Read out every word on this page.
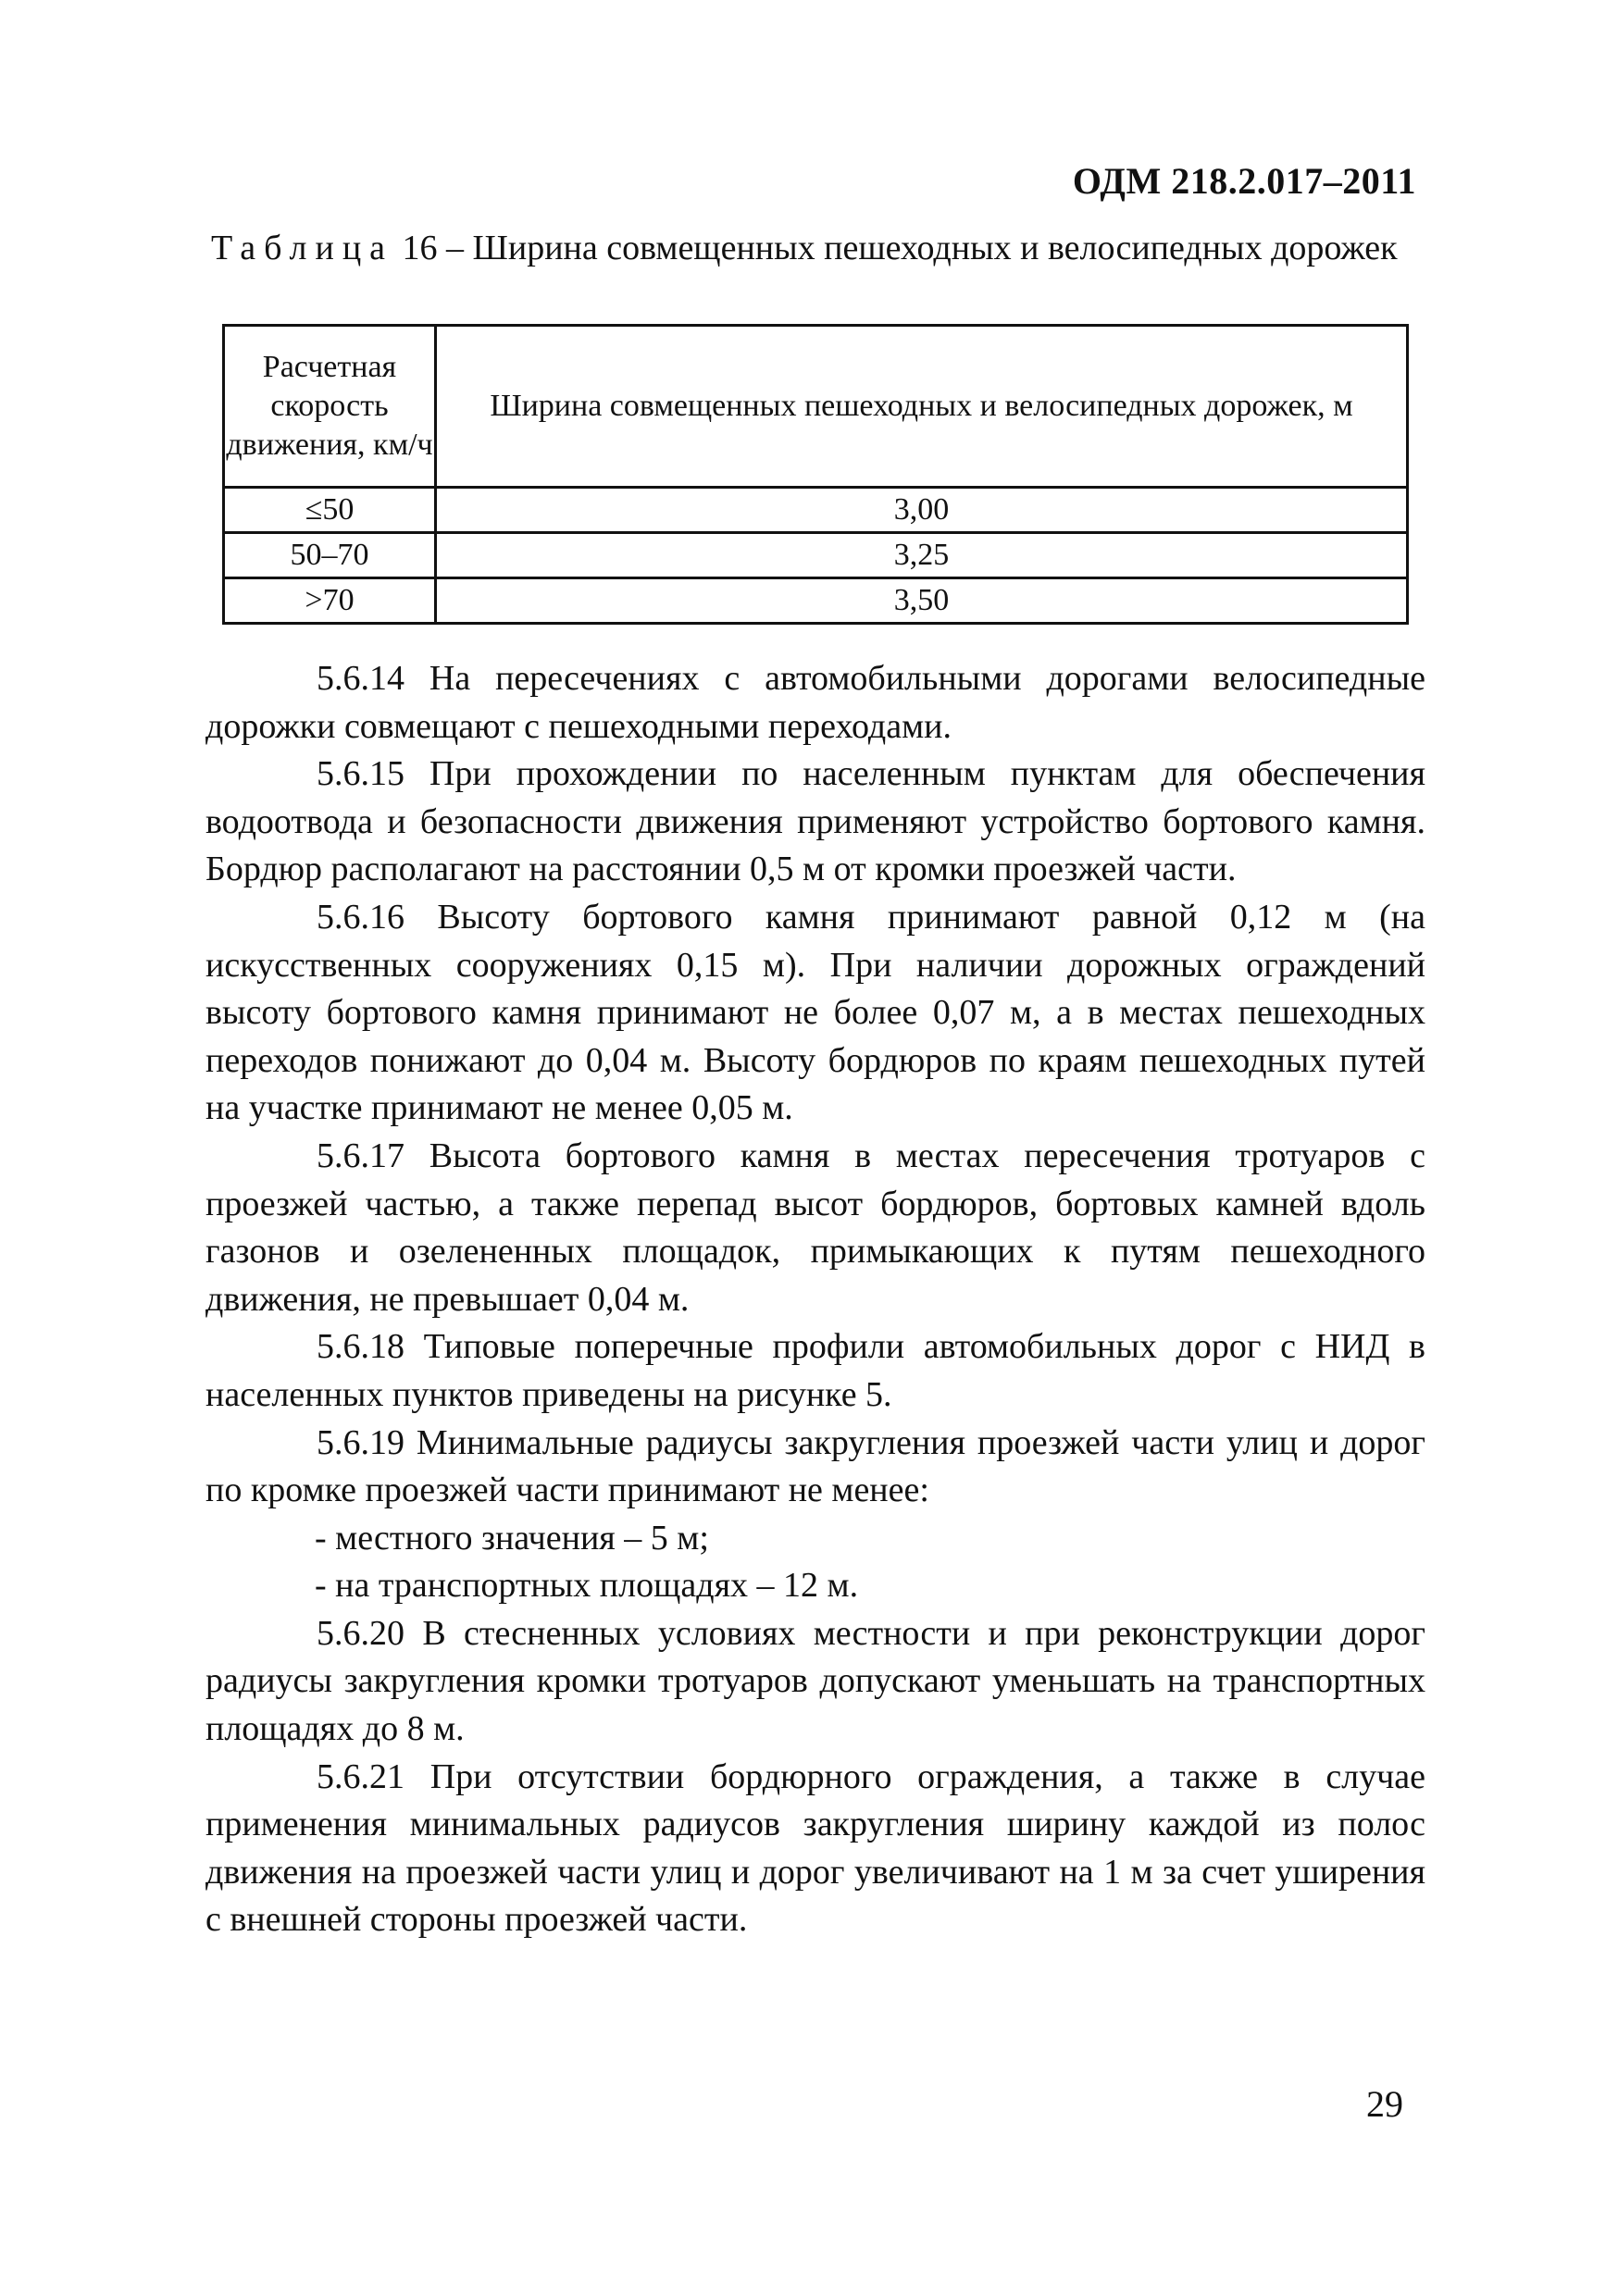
ОДМ 218.2.017–2011
Таблица 16 – Ширина совмещенных пешеходных и велосипедных дорожек
Расчетная скорость движения, км/ч	Ширина совмещенных пешеходных и велосипедных дорожек, м
≤50	3,00
50–70	3,25
>70	3,50

5.6.14 На пересечениях с автомобильными дорогами велосипедные дорожки совмещают с пешеходными переходами.

5.6.15 При прохождении по населенным пунктам для обеспечения водоотвода и безопасности движения применяют устройство бортового камня. Бордюр располагают на расстоянии 0,5 м от кромки проезжей части.

5.6.16 Высоту бортового камня принимают равной 0,12 м (на искусственных сооружениях 0,15 м). При наличии дорожных ограждений высоту бортового камня принимают не более 0,07 м, а в местах пешеходных переходов понижают до 0,04 м. Высоту бордюров по краям пешеходных путей на участке принимают не менее 0,05 м.

5.6.17 Высота бортового камня в местах пересечения тротуаров с проезжей частью, а также перепад высот бордюров, бортовых камней вдоль газонов и озелененных площадок, примыкающих к путям пешеходного движения, не превышает 0,04 м.

5.6.18 Типовые поперечные профили автомобильных дорог с НИД в населенных пунктов приведены на рисунке 5.

5.6.19 Минимальные радиусы закругления проезжей части улиц и дорог по кромке проезжей части принимают не менее:

- местного значения – 5 м;

- на транспортных площадях – 12 м.

5.6.20 В стесненных условиях местности и при реконструкции дорог радиусы закругления кромки тротуаров допускают уменьшать на транспортных площадях до 8 м.

5.6.21 При отсутствии бордюрного ограждения, а также в случае применения минимальных радиусов закругления ширину каждой из полос движения на проезжей части улиц и дорог увеличивают на 1 м за счет уширения с внешней стороны проезжей части.

29
